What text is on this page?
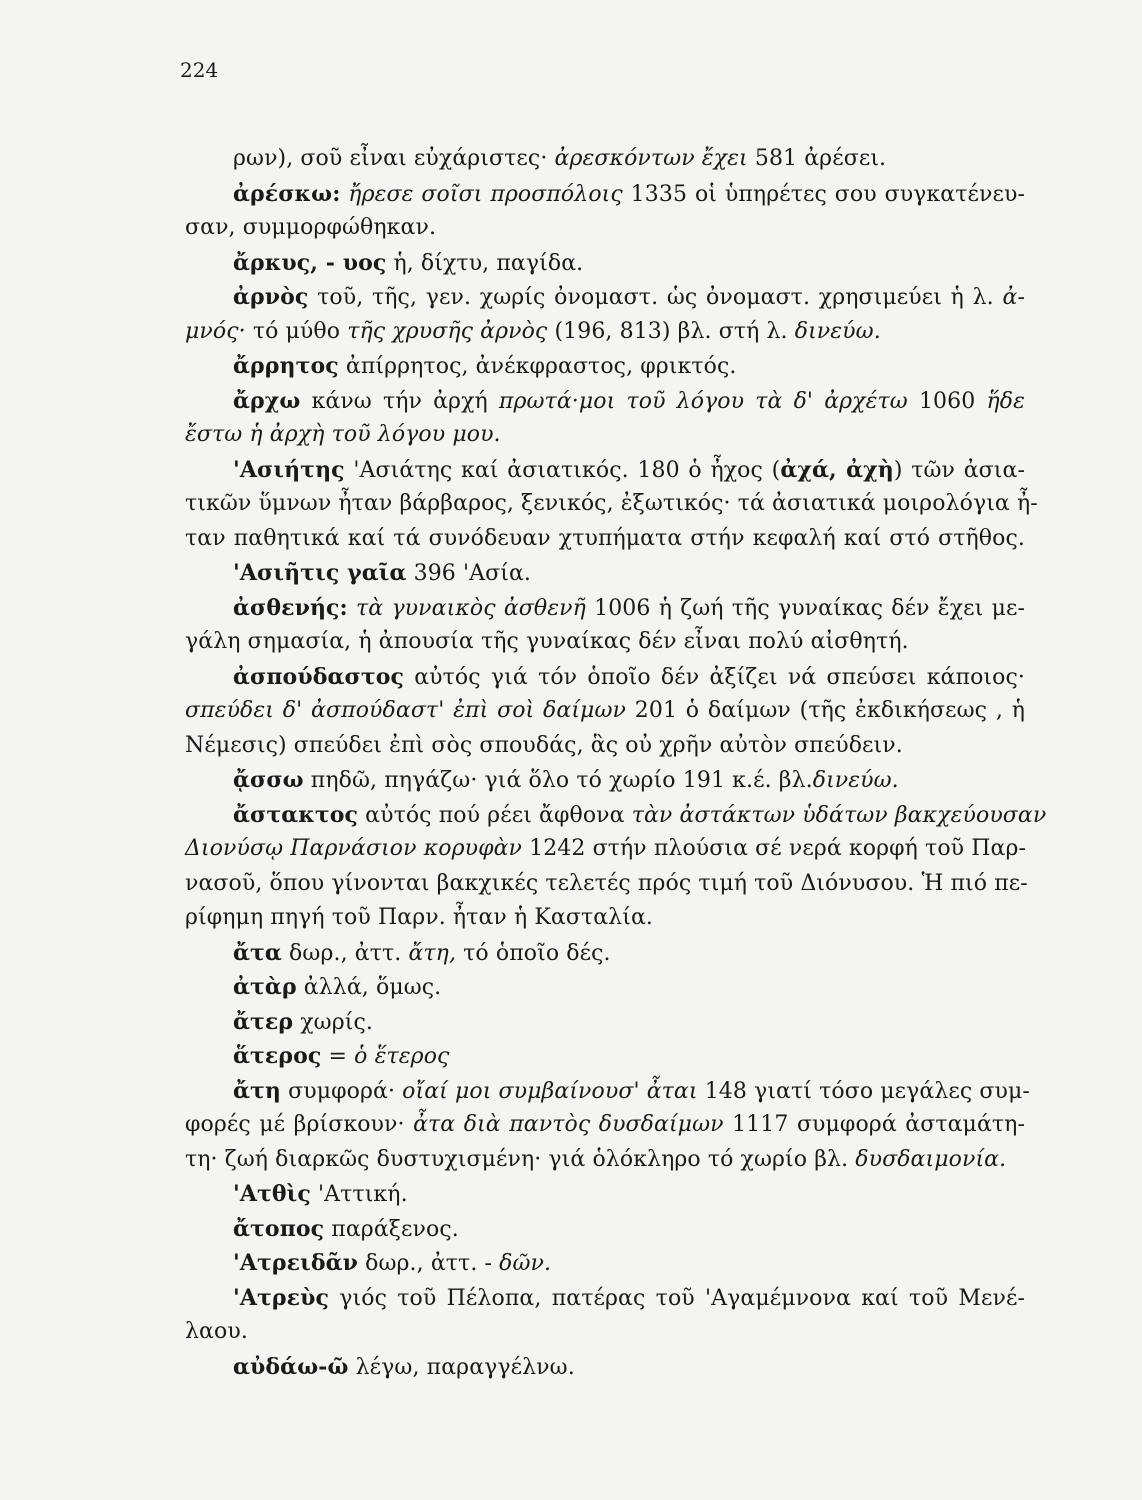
224
ρων), σοῦ εἶναι εὐχάριστες· ἀρεσκόντων ἔχει 581 ἀρέσει.
ἀρέσκω: ἤρεσε σοῖσι προσπόλοις 1335 οἱ ὑπηρέτες σου συγκατένευ-
σαν, συμμορφώθηκαν.
ἄρκυς, - υος ἡ, δίχτυ, παγίδα.
ἀρνὸς τοῦ, τῆς, γεν. χωρίς ὀνομαστ. ὡς ὀνομαστ. χρησιμεύει ἡ λ. ἀ-
μνός· τό μύθο τῆς χρυσῆς ἀρνὸς (196, 813) βλ. στή λ. δινεύω.
ἄρρητος ἀπίρρητος, ἀνέκφραστος, φρικτός.
ἄρχω κάνω τήν ἀρχή πρωτά·μοι τοῦ λόγου τὰ δ' ἀρχέτω 1060 ἥδε
ἔστω ἡ ἀρχὴ τοῦ λόγου μου.
'Ασιήτης 'Ασιάτης καί ἀσιατικός. 180 ὁ ἦχος (ἀχά, ἀχὴ) τῶν ἀσια-
τικῶν ὕμνων ἦταν βάρβαρος, ξενικός, ἐξωτικός· τά ἀσιατικά μοιρολόγια ἦ-
ταν παθητικά καί τά συνόδευαν χτυπήματα στήν κεφαλή καί στό στῆθος.
'Ασιῆτις γαῖα 396 'Ασία.
ἀσθενής: τὰ γυναικὸς ἀσθενῆ 1006 ἡ ζωή τῆς γυναίκας δέν ἔχει με-
γάλη σημασία, ἡ ἀπουσία τῆς γυναίκας δέν εἶναι πολύ αἰσθητή.
ἀσπούδαστος αὐτός γιά τόν ὁποῖο δέν ἀξίζει νά σπεύσει κάποιος·
σπεύδει δ' ἀσπούδαστ' ἐπὶ σοὶ δαίμων 201 ὁ δαίμων (τῆς ἐκδικήσεως , ἡ
Νέμεσις) σπεύδει ἐπὶ σὸς σπουδάς, ἃς οὐ χρῆν αὐτὸν σπεύδειν.
ᾄσσω πηδῶ, πηγάζω· γιά ὅλο τό χωρίο 191 κ.έ. βλ.δινεύω.
ἄστακτος αὐτός πού ρέει ἄφθονα τὰν ἀστάκτων ὑδάτων βακχεύουσαν
Διονύσῳ Παρνάσιον κορυφὰν 1242 στήν πλούσια σέ νερά κορφή τοῦ Παρ-
νασοῦ, ὅπου γίνονται βακχικές τελετές πρός τιμή τοῦ Διόνυσου. Ἡ πιό πε-
ρίφημη πηγή τοῦ Παρν. ἦταν ἡ Κασταλία.
ἄτα δωρ., ἀττ. ἄτη, τό ὁποῖο δές.
ἀτὰρ ἀλλά, ὅμως.
ἄτερ χωρίς.
ἅτερος = ὁ ἕτερος
ἄτη συμφορά· οἴαί μοι συμβαίνουσ' ἆται 148 γιατί τόσο μεγάλες συμ-
φορές μέ βρίσκουν· ἆτα διὰ παντὸς δυσδαίμων 1117 συμφορά ἀσταμάτη-
τη· ζωή διαρκῶς δυστυχισμένη· γιά ὁλόκληρο τό χωρίο βλ. δυσδαιμονία.
'Ατθὶς 'Αττική.
ἄτοπος παράξενος.
'Ατρειδᾶν δωρ., ἀττ. - δῶν.
'Ατρεὺς γιός τοῦ Πέλοπα, πατέρας τοῦ 'Αγαμέμνονα καί τοῦ Μενέ-
λαου.
αὐδάω-ῶ λέγω, παραγγέλνω.
